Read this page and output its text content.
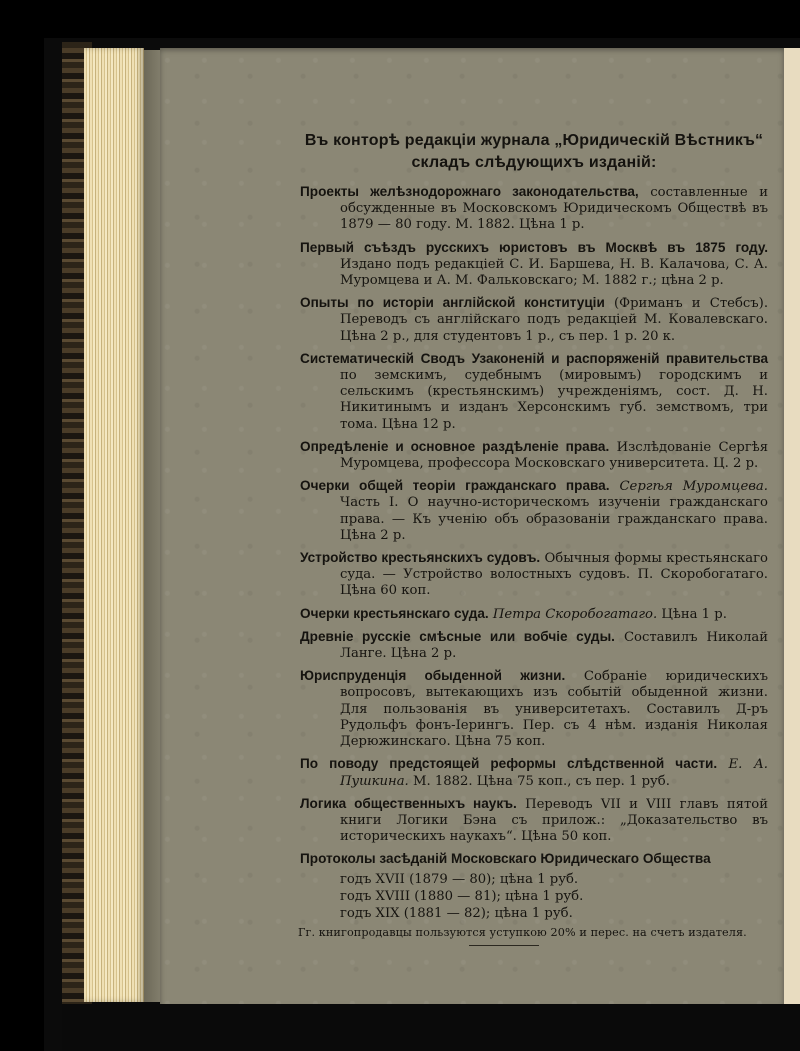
Въ конторѣ редакціи журнала „Юридическій Вѣстникъ“
складъ слѣдующихъ изданій:
Проекты желѣзнодорожнаго законодательства, составленные и обсужденные въ Московскомъ Юридическомъ Обществѣ въ 1879 — 80 году. М. 1882. Цѣна 1 р.
Первый съѣздъ русскихъ юристовъ въ Москвѣ въ 1875 году. Издано подъ редакціей С. И. Баршева, Н. В. Калачова, С. А. Муромцева и А. М. Фальковскаго; М. 1882 г.; цѣна 2 р.
Опыты по исторіи англійской конституціи (Фриманъ и Стебсъ). Переводъ съ англійскаго подъ редакціей М. Ковалевскаго. Цѣна 2 р., для студентовъ 1 р., съ пер. 1 р. 20 к.
Систематическій Сводъ Узаконеній и распоряженій правительства по земскимъ, судебнымъ (мировымъ) городскимъ и сельскимъ (крестьянскимъ) учрежденіямъ, сост. Д. Н. Никитинымъ и изданъ Херсонскимъ губ. земствомъ, три тома. Цѣна 12 р.
Опредѣленіе и основное раздѣленіе права. Изслѣдованіе Сергѣя Муромцева, профессора Московскаго университета. Ц. 2 р.
Очерки общей теоріи гражданскаго права. Сергѣя Муромцева. Часть I. О научно-историческомъ изученіи гражданскаго права. — Къ ученію объ образованіи гражданскаго права. Цѣна 2 р.
Устройство крестьянскихъ судовъ. Обычныя формы крестьянскаго суда. — Устройство волостныхъ судовъ. П. Скоробогатаго. Цѣна 60 коп.
Очерки крестьянскаго суда. Петра Скоробогатаго. Цѣна 1 р.
Древніе русскіе смѣсные или вобчіе суды. Составилъ Николай Ланге. Цѣна 2 р.
Юриспруденція обыденной жизни. Собраніе юридическихъ вопросовъ, вытекающихъ изъ событій обыденной жизни. Для пользованія въ университетахъ. Составилъ Д-ръ Рудольфъ фонъ-Іерингъ. Пер. съ 4 нѣм. изданія Николая Дерюжинскаго. Цѣна 75 коп.
По поводу предстоящей реформы слѣдственной части. Е. А. Пушкина. М. 1882. Цѣна 75 коп., съ пер. 1 руб.
Логика общественныхъ наукъ. Переводъ VII и VIII главъ пятой книги Логики Бэна съ прилож.: „Доказательство въ историческихъ наукахъ“. Цѣна 50 коп.
Протоколы засѣданій Московскаго Юридическаго Общества
годъ XVII (1879 — 80); цѣна 1 руб.
годъ XVIII (1880 — 81); цѣна 1 руб.
годъ XIX (1881 — 82); цѣна 1 руб.
Гг. книгопродавцы пользуются уступкою 20% и перес. на счетъ издателя.
